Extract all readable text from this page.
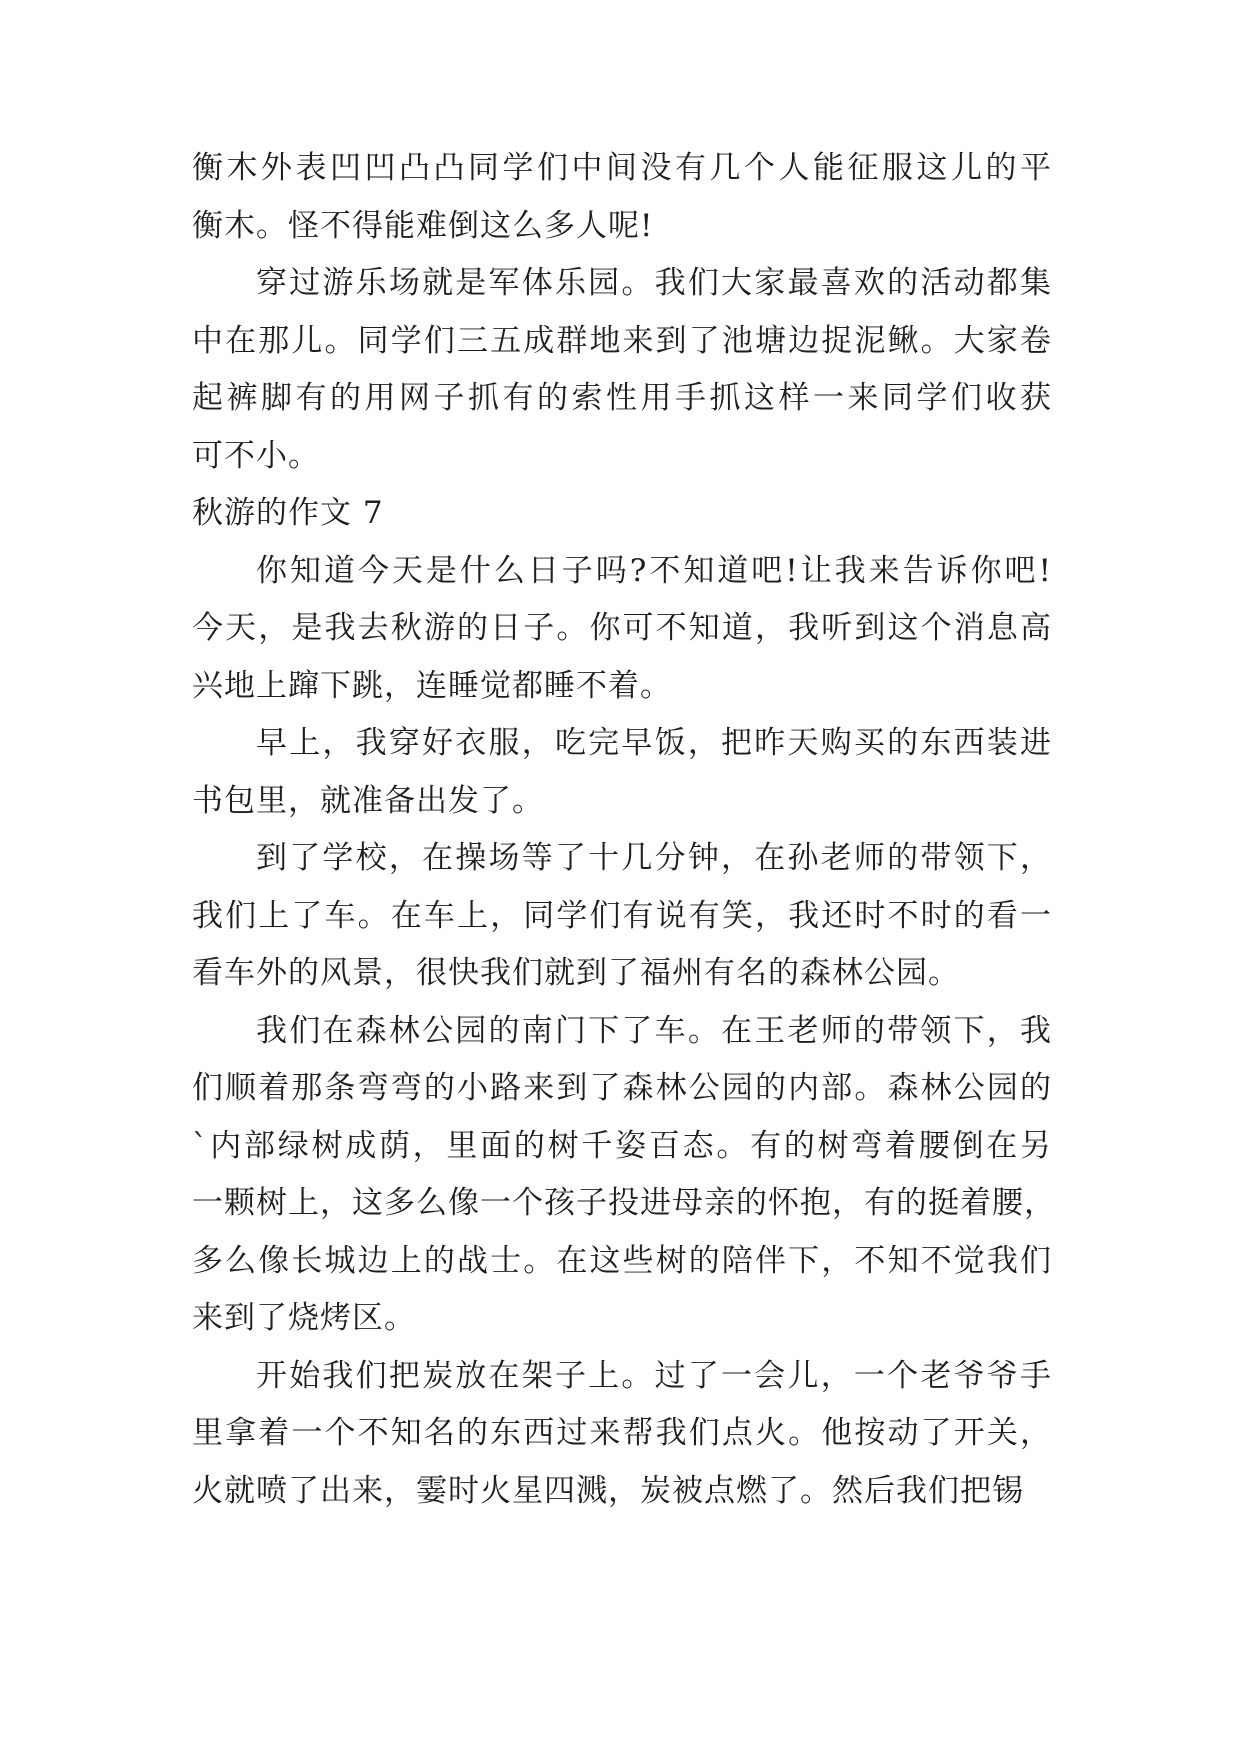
衡木外表凹凹凸凸同学们中间没有几个人能征服这儿的平
衡木。怪不得能难倒这么多人呢!
穿过游乐场就是军体乐园。我们大家最喜欢的活动都集
中在那儿。同学们三五成群地来到了池塘边捉泥鳅。大家卷
起裤脚有的用网子抓有的索性用手抓这样一来同学们收获
可不小。
秋游的作文 7
你知道今天是什么日子吗?不知道吧!让我来告诉你吧!
今天，是我去秋游的日子。你可不知道，我听到这个消息高
兴地上蹿下跳，连睡觉都睡不着。
早上，我穿好衣服，吃完早饭，把昨天购买的东西装进
书包里，就准备出发了。
到了学校，在操场等了十几分钟，在孙老师的带领下，
我们上了车。在车上，同学们有说有笑，我还时不时的看一
看车外的风景，很快我们就到了福州有名的森林公园。
我们在森林公园的南门下了车。在王老师的带领下，我
们顺着那条弯弯的小路来到了森林公园的内部。森林公园的
`内部绿树成荫，里面的树千姿百态。有的树弯着腰倒在另
一颗树上，这多么像一个孩子投进母亲的怀抱，有的挺着腰，
多么像长城边上的战士。在这些树的陪伴下，不知不觉我们
来到了烧烤区。
开始我们把炭放在架子上。过了一会儿，一个老爷爷手
里拿着一个不知名的东西过来帮我们点火。他按动了开关，
火就喷了出来，霎时火星四溅，炭被点燃了。然后我们把锡
